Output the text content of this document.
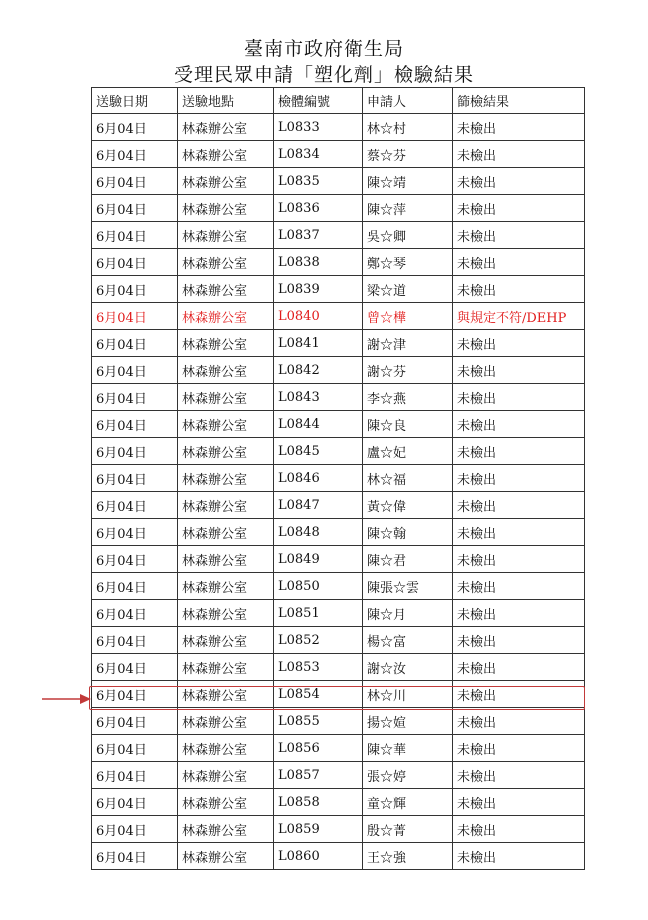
臺南市政府衛生局
受理民眾申請「塑化劑」檢驗結果
送驗日期	送驗地點	檢體編號	申請人	篩檢結果
6月04日	林森辦公室	L0833	林☆村	未檢出
6月04日	林森辦公室	L0834	蔡☆芬	未檢出
6月04日	林森辦公室	L0835	陳☆靖	未檢出
6月04日	林森辦公室	L0836	陳☆萍	未檢出
6月04日	林森辦公室	L0837	吳☆卿	未檢出
6月04日	林森辦公室	L0838	鄭☆琴	未檢出
6月04日	林森辦公室	L0839	梁☆道	未檢出
6月04日	林森辦公室	L0840	曾☆樺	與規定不符/DEHP
6月04日	林森辦公室	L0841	謝☆津	未檢出
6月04日	林森辦公室	L0842	謝☆芬	未檢出
6月04日	林森辦公室	L0843	李☆燕	未檢出
6月04日	林森辦公室	L0844	陳☆良	未檢出
6月04日	林森辦公室	L0845	盧☆妃	未檢出
6月04日	林森辦公室	L0846	林☆福	未檢出
6月04日	林森辦公室	L0847	黃☆偉	未檢出
6月04日	林森辦公室	L0848	陳☆翰	未檢出
6月04日	林森辦公室	L0849	陳☆君	未檢出
6月04日	林森辦公室	L0850	陳張☆雲	未檢出
6月04日	林森辦公室	L0851	陳☆月	未檢出
6月04日	林森辦公室	L0852	楊☆富	未檢出
6月04日	林森辦公室	L0853	謝☆汝	未檢出
6月04日	林森辦公室	L0854	林☆川	未檢出
6月04日	林森辦公室	L0855	揚☆媗	未檢出
6月04日	林森辦公室	L0856	陳☆華	未檢出
6月04日	林森辦公室	L0857	張☆婷	未檢出
6月04日	林森辦公室	L0858	童☆輝	未檢出
6月04日	林森辦公室	L0859	殷☆菁	未檢出
6月04日	林森辦公室	L0860	王☆強	未檢出
